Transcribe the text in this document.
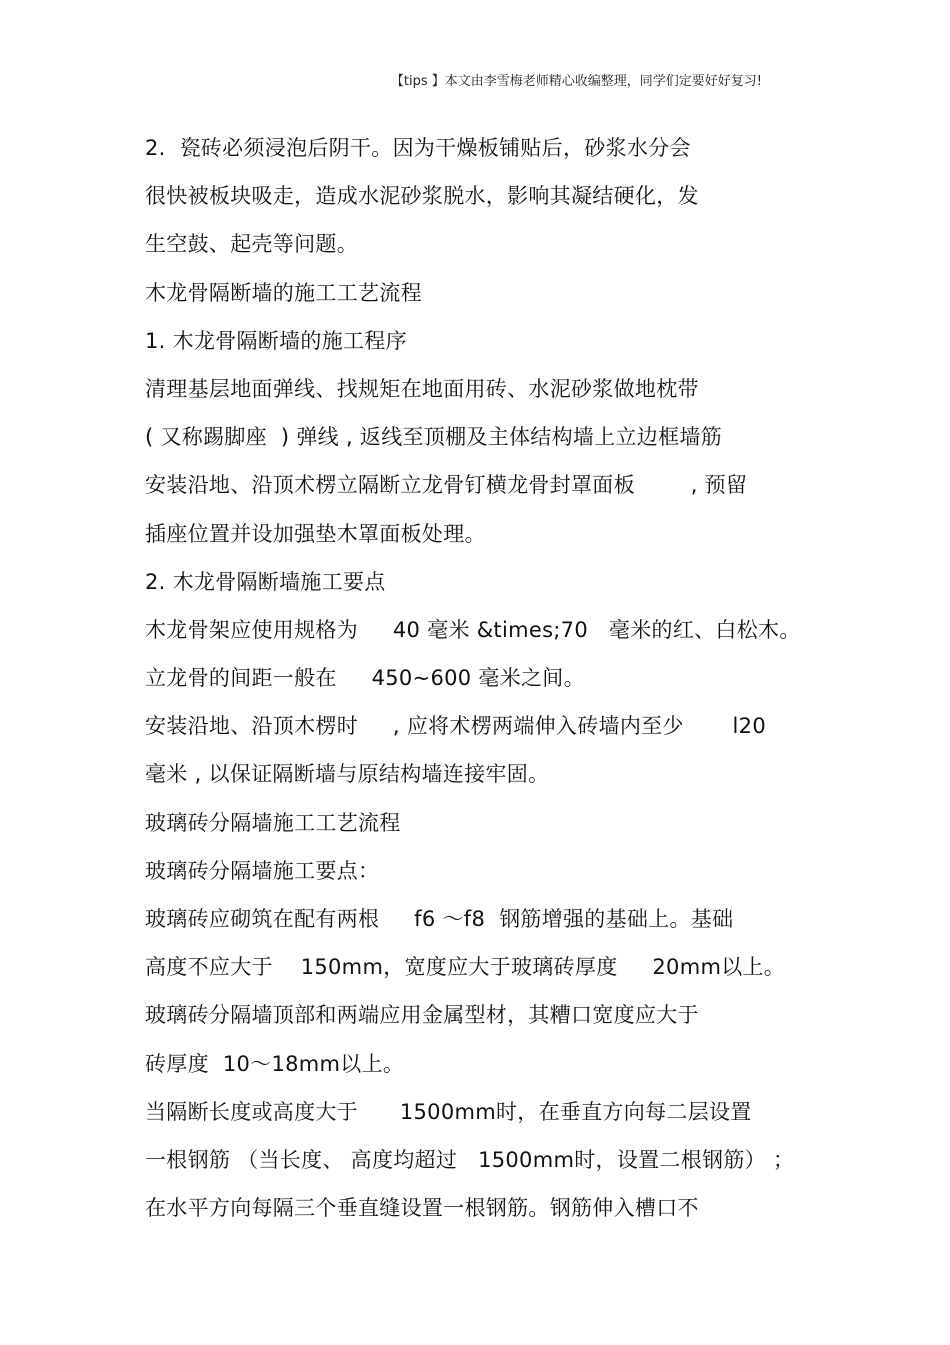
【tips 】本文由李雪梅老师精心收编整理，同学们定要好好复习!
2.  瓷砖必须浸泡后阴干。因为干燥板铺贴后，砂浆水分会
很快被板块吸走，造成水泥砂浆脱水，影响其凝结硬化，发
生空鼓、起壳等问题。
木龙骨隔断墙的施工工艺流程
1. 木龙骨隔断墙的施工程序
清理基层地面弹线、找规矩在地面用砖、水泥砂浆做地枕带
( 又称踢脚座  ) 弹线 , 返线至顶棚及主体结构墙上立边框墙筋
安装沿地、沿顶术楞立隔断立龙骨钉横龙骨封罩面板        , 预留
插座位置并设加强垫木罩面板处理。
2. 木龙骨隔断墙施工要点
木龙骨架应使用规格为     40 毫米 &times;70   毫米的红、白松木。
立龙骨的间距一般在     450~600 毫米之间。
安装沿地、沿顶木楞时     , 应将术楞两端伸入砖墙内至少       l20
毫米 , 以保证隔断墙与原结构墙连接牢固。
玻璃砖分隔墙施工工艺流程
玻璃砖分隔墙施工要点：
玻璃砖应砌筑在配有两根     f6 ～f8  钢筋增强的基础上。基础
高度不应大于    150mm，宽度应大于玻璃砖厚度     20mm以上。
玻璃砖分隔墙顶部和两端应用金属型材，其糟口宽度应大于
砖厚度  10～18mm以上。
当隔断长度或高度大于      1500mm时，在垂直方向每二层设置
一根钢筋 （当长度、 高度均超过   1500mm时，设置二根钢筋） ；
在水平方向每隔三个垂直缝设置一根钢筋。钢筋伸入槽口不
